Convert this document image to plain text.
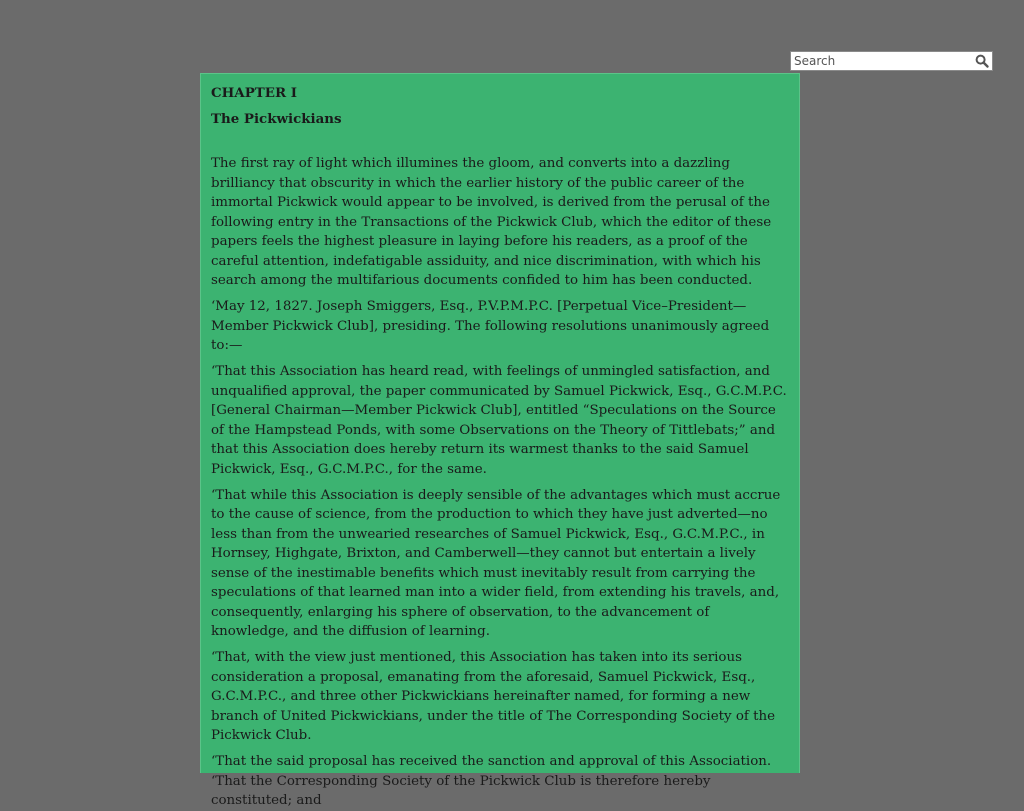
Search
CHAPTER I
The Pickwickians

The first ray of light which illumines the gloom, and converts into a dazzling brilliancy that obscurity in which the earlier history of the public career of the immortal Pickwick would appear to be involved, is derived from the perusal of the following entry in the Transactions of the Pickwick Club, which the editor of these papers feels the highest pleasure in laying before his readers, as a proof of the careful attention, indefatigable assiduity, and nice discrimination, with which his search among the multifarious documents confided to him has been conducted.

‘May 12, 1827. Joseph Smiggers, Esq., P.V.P.M.P.C. [Perpetual Vice–President—Member Pickwick Club], presiding. The following resolutions unanimously agreed to:—

‘That this Association has heard read, with feelings of unmingled satisfaction, and unqualified approval, the paper communicated by Samuel Pickwick, Esq., G.C.M.P.C. [General Chairman—Member Pickwick Club], entitled “Speculations on the Source of the Hampstead Ponds, with some Observations on the Theory of Tittlebats;” and that this Association does hereby return its warmest thanks to the said Samuel Pickwick, Esq., G.C.M.P.C., for the same.

‘That while this Association is deeply sensible of the advantages which must accrue to the cause of science, from the production to which they have just adverted—no less than from the unwearied researches of Samuel Pickwick, Esq., G.C.M.P.C., in Hornsey, Highgate, Brixton, and Camberwell—they cannot but entertain a lively sense of the inestimable benefits which must inevitably result from carrying the speculations of that learned man into a wider field, from extending his travels, and, consequently, enlarging his sphere of observation, to the advancement of knowledge, and the diffusion of learning.

‘That, with the view just mentioned, this Association has taken into its serious consideration a proposal, emanating from the aforesaid, Samuel Pickwick, Esq., G.C.M.P.C., and three other Pickwickians hereinafter named, for forming a new branch of United Pickwickians, under the title of The Corresponding Society of the Pickwick Club.

‘That the said proposal has received the sanction and approval of this Association. ‘That the Corresponding Society of the Pickwick Club is therefore hereby constituted; and
